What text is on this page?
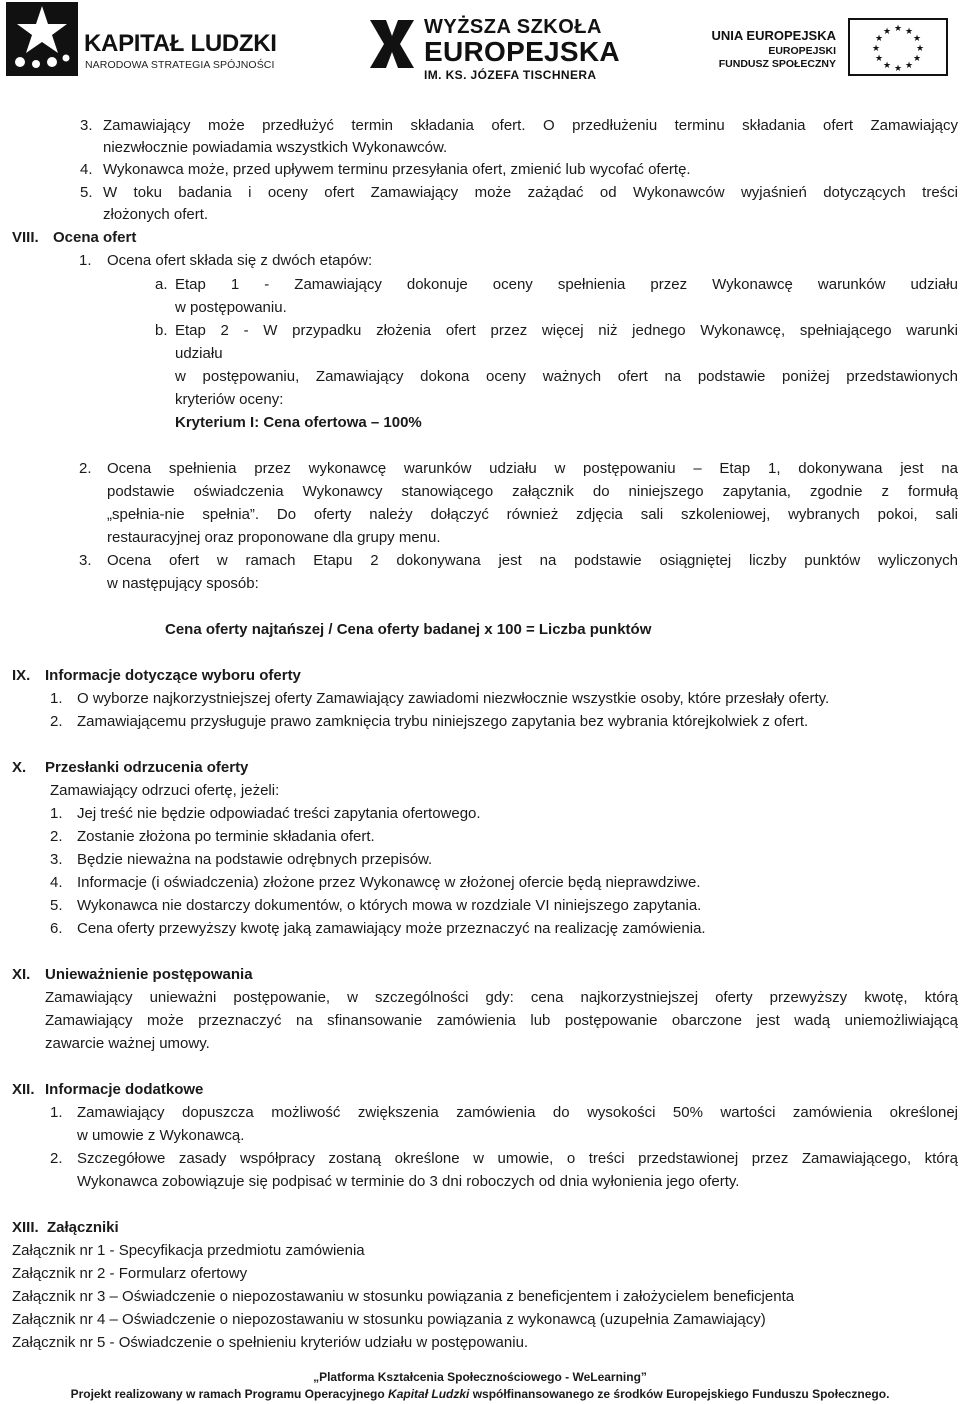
KAPITAŁ LUDZKI
NARODOWA STRATEGIA SPÓJNOŚCI
WYŻSZA SZKOŁA
EUROPEJSKA
IM. KS. JÓZEFA TISCHNERA
UNIA EUROPEJSKA
EUROPEJSKI
FUNDUSZ SPOŁECZNY
★ ★
★
★
★
★
★
★
★
★
★
★
3. Zamawiający może przedłużyć termin składania ofert. O przedłużeniu terminu składania ofert Zamawiający
niezwłocznie powiadamia wszystkich Wykonawców.
4. Wykonawca może, przed upływem terminu przesyłania ofert, zmienić lub wycofać ofertę.
5. W toku badania i oceny ofert Zamawiający może zażądać od Wykonawców wyjaśnień dotyczących treści
złożonych ofert.
VIII. Ocena ofert
1. Ocena ofert składa się z dwóch etapów:
a. Etap 1 - Zamawiający dokonuje oceny spełnienia przez Wykonawcę warunków udziału
w postępowaniu.
b. Etap 2 - W przypadku złożenia ofert przez więcej niż jednego Wykonawcę, spełniającego warunki
udziału
w postępowaniu, Zamawiający dokona oceny ważnych ofert na podstawie poniżej przedstawionych
kryteriów oceny:
Kryterium I: Cena ofertowa – 100%
2. Ocena spełnienia przez wykonawcę warunków udziału w postępowaniu – Etap 1, dokonywana jest na
podstawie oświadczenia Wykonawcy stanowiącego załącznik do niniejszego zapytania, zgodnie z formułą
„spełnia-nie spełnia”. Do oferty należy dołączyć również zdjęcia sali szkoleniowej, wybranych pokoi, sali
restauracyjnej oraz proponowane dla grupy menu.
3. Ocena ofert w ramach Etapu 2 dokonywana jest na podstawie osiągniętej liczby punktów wyliczonych
w następujący sposób:
Cena oferty najtańszej / Cena oferty badanej x 100 = Liczba punktów
IX. Informacje dotyczące wyboru oferty
1. O wyborze najkorzystniejszej oferty Zamawiający zawiadomi niezwłocznie wszystkie osoby, które przesłały oferty.
2. Zamawiającemu przysługuje prawo zamknięcia trybu niniejszego zapytania bez wybrania którejkolwiek z ofert.
X. Przesłanki odrzucenia oferty
Zamawiający odrzuci ofertę, jeżeli:
1. Jej treść nie będzie odpowiadać treści zapytania ofertowego.
2. Zostanie złożona po terminie składania ofert.
3. Będzie nieważna na podstawie odrębnych przepisów.
4. Informacje (i oświadczenia) złożone przez Wykonawcę w złożonej ofercie będą nieprawdziwe.
5. Wykonawca nie dostarczy dokumentów, o których mowa w rozdziale VI niniejszego zapytania.
6. Cena oferty przewyższy kwotę jaką zamawiający może przeznaczyć na realizację zamówienia.
XI. Unieważnienie postępowania
Zamawiający unieważni postępowanie, w szczególności gdy: cena najkorzystniejszej oferty przewyższy kwotę, którą
Zamawiający może przeznaczyć na sfinansowanie zamówienia lub postępowanie obarczone jest wadą uniemożliwiającą
zawarcie ważnej umowy.
XII. Informacje dodatkowe
1. Zamawiający dopuszcza możliwość zwiększenia zamówienia do wysokości 50% wartości zamówienia określonej
w umowie z Wykonawcą.
2. Szczegółowe zasady współpracy zostaną określone w umowie, o treści przedstawionej przez Zamawiającego, którą
Wykonawca zobowiązuje się podpisać w terminie do 3 dni roboczych od dnia wyłonienia jego oferty.
XIII. Załączniki
Załącznik nr 1 - Specyfikacja przedmiotu zamówienia
Załącznik nr 2 - Formularz ofertowy
Załącznik nr 3 – Oświadczenie o niepozostawaniu w stosunku powiązania z beneficjentem i założycielem beneficjenta
Załącznik nr 4 – Oświadczenie o niepozostawaniu w stosunku powiązania z wykonawcą (uzupełnia Zamawiający)
Załącznik nr 5 - Oświadczenie o spełnieniu kryteriów udziału w postępowaniu.
„Platforma Kształcenia Społecznościowego - WeLearning”
Projekt realizowany w ramach Programu Operacyjnego Kapitał Ludzki współfinansowanego ze środków Europejskiego Funduszu Społecznego.
